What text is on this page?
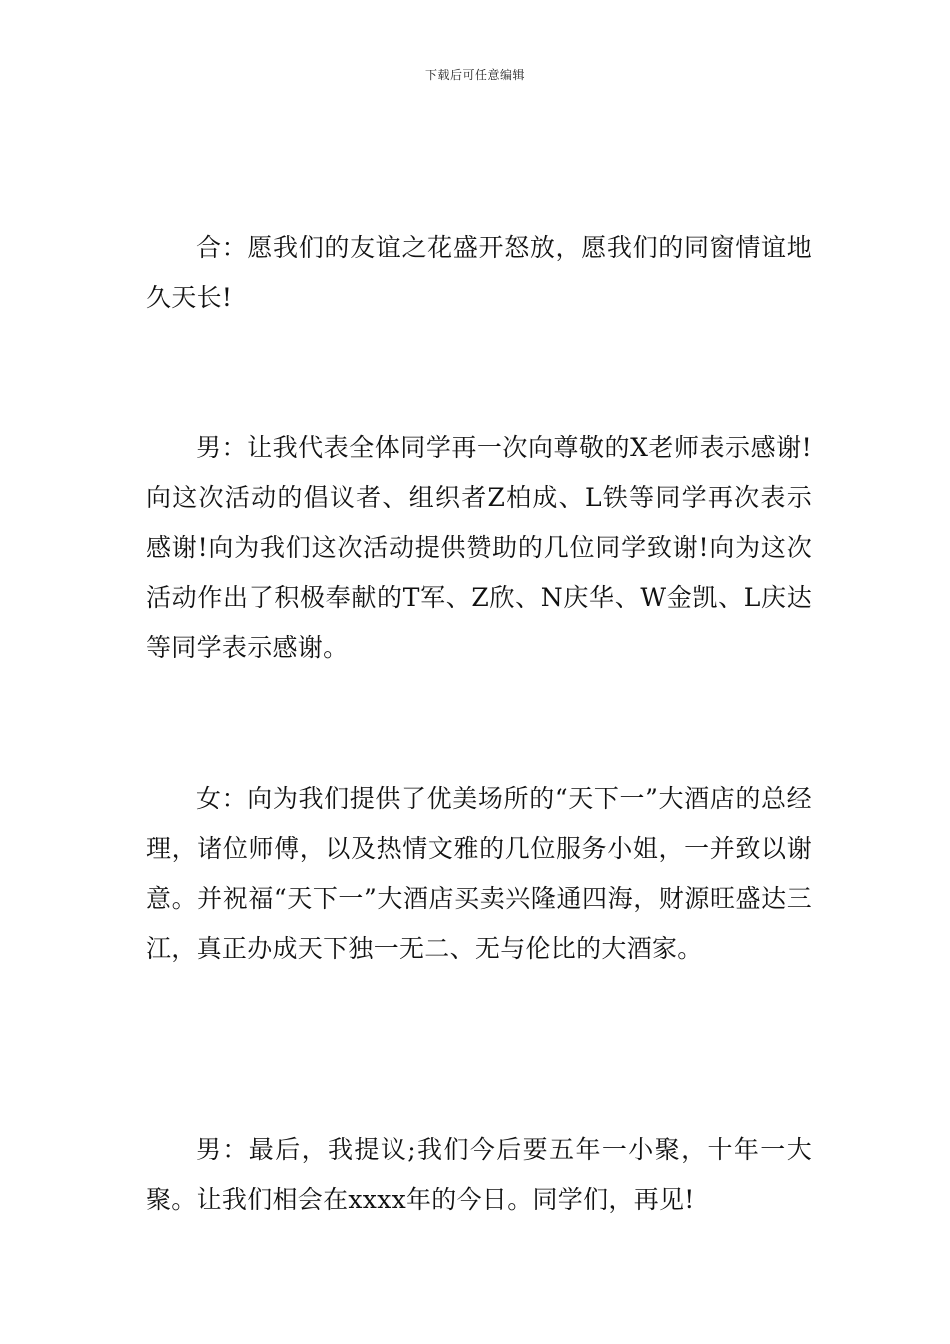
下载后可任意编辑

合：愿我们的友谊之花盛开怒放，愿我们的同窗情谊地久天长!

男：让我代表全体同学再一次向尊敬的X老师表示感谢!向这次活动的倡议者、组织者Z柏成、L铁等同学再次表示感谢!向为我们这次活动提供赞助的几位同学致谢!向为这次活动作出了积极奉献的T军、Z欣、N庆华、W金凯、L庆达等同学表示感谢。

女：向为我们提供了优美场所的“天下一”大酒店的总经理，诸位师傅，以及热情文雅的几位服务小姐，一并致以谢意。并祝福“天下一”大酒店买卖兴隆通四海，财源旺盛达三江，真正办成天下独一无二、无与伦比的大酒家。

男：最后，我提议;我们今后要五年一小聚，十年一大聚。让我们相会在xxxx年的今日。同学们，再见!
